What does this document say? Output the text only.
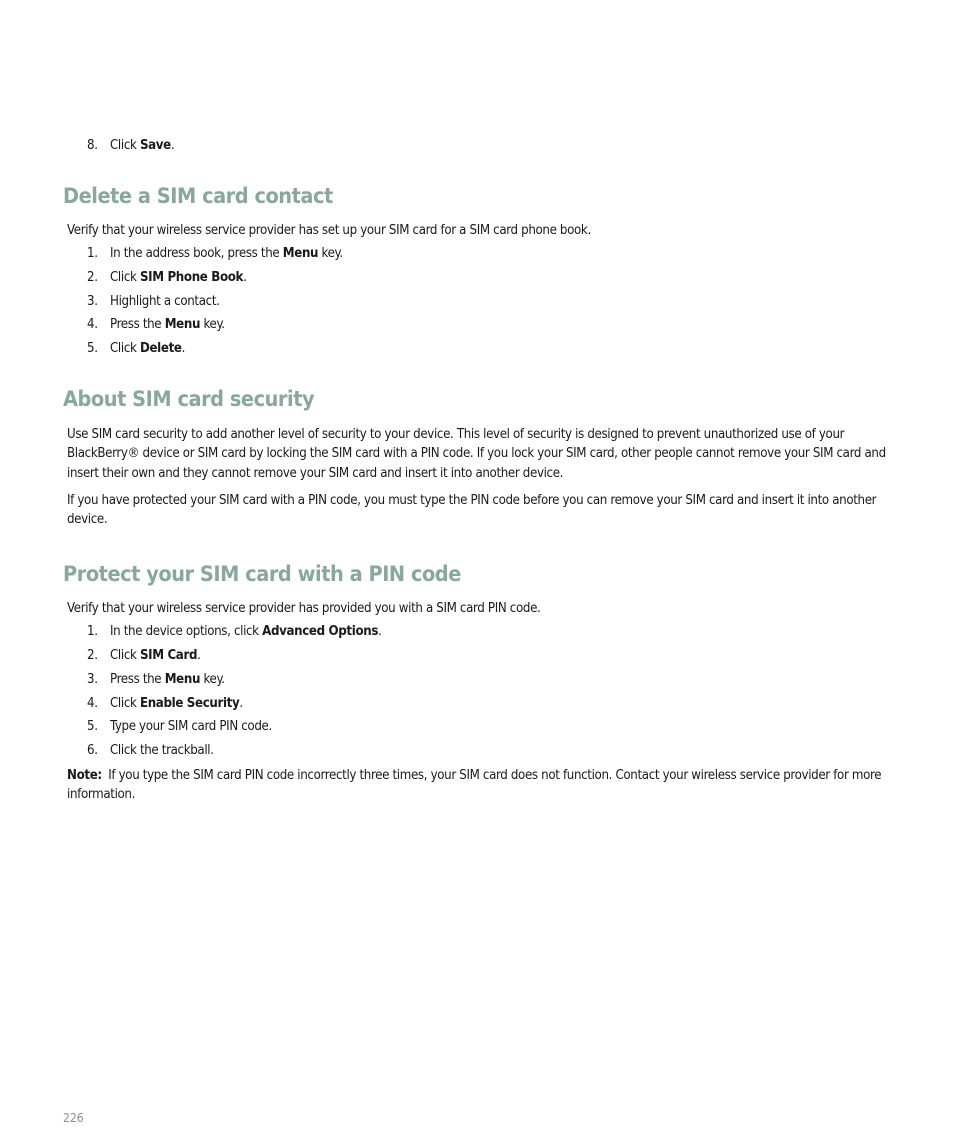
8. Click Save.
Delete a SIM card contact

Verify that your wireless service provider has set up your SIM card for a SIM card phone book.

1. In the address book, press the Menu key.
2. Click SIM Phone Book.
3. Highlight a contact.
4. Press the Menu key.
5. Click Delete.
About SIM card security

Use SIM card security to add another level of security to your device. This level of security is designed to prevent unauthorized use of your BlackBerry® device or SIM card by locking the SIM card with a PIN code. If you lock your SIM card, other people cannot remove your SIM card and insert their own and they cannot remove your SIM card and insert it into another device.

If you have protected your SIM card with a PIN code, you must type the PIN code before you can remove your SIM card and insert it into another device.

Protect your SIM card with a PIN code

Verify that your wireless service provider has provided you with a SIM card PIN code.

1. In the device options, click Advanced Options.
2. Click SIM Card.
3. Press the Menu key.
4. Click Enable Security.
5. Type your SIM card PIN code.
6. Click the trackball.

Note: If you type the SIM card PIN code incorrectly three times, your SIM card does not function. Contact your wireless service provider for more information.

226
